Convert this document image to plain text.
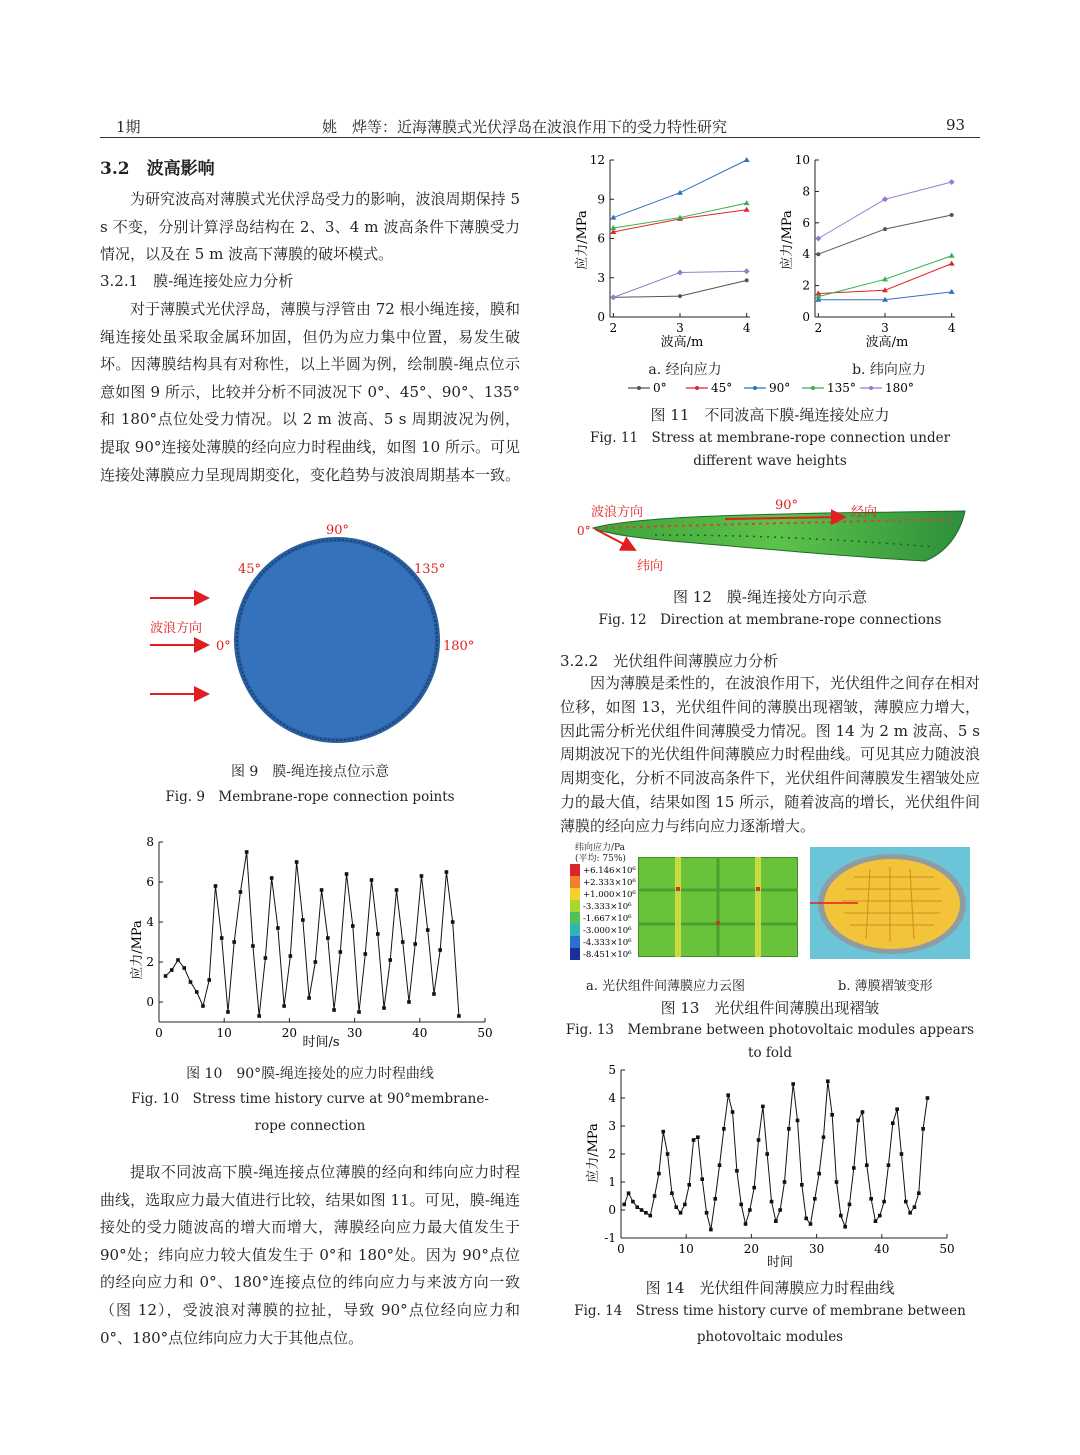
1期	姚　烨等：近海薄膜式光伏浮岛在波浪作用下的受力特性研究	93
3.2　波高影响

为研究波高对薄膜式光伏浮岛受力的影响，波浪周期保持 5 s 不变，分别计算浮岛结构在 2、3、4 m 波高条件下薄膜受力情况，以及在 5 m 波高下薄膜的破坏模式。

3.2.1　膜-绳连接处应力分析

对于薄膜式光伏浮岛，薄膜与浮管由 72 根小绳连接，膜和绳连接处虽采取金属环加固，但仍为应力集中位置，易发生破坏。因薄膜结构具有对称性，以上半圆为例，绘制膜-绳点位示意如图 9 所示，比较并分析不同波况下 0°、45°、90°、135°和 180°点位处受力情况。以 2 m 波高、5 s 周期波况为例，提取 90°连接处薄膜的经向应力时程曲线，如图 10 所示。可见连接处薄膜应力呈现周期变化，变化趋势与波浪周期基本一致。

波浪方向
90°
45°	135°
0°	180°
图 9　膜-绳连接点位示意
Fig. 9　Membrane-rope connection points
0	10	20	30	40	50
0
2
4
6
8
应力/MPa
时间/s
图 10　90°膜-绳连接处的应力时程曲线
Fig. 10　Stress time history curve at 90°membrane-
rope connection

提取不同波高下膜-绳连接点位薄膜的经向和纬向应力时程曲线，选取应力最大值进行比较，结果如图 11。可见，膜-绳连接处的受力随波高的增大而增大，薄膜经向应力最大值发生于 90°处；纬向应力较大值发生于 0°和 180°处。因为 90°点位的经向应力和 0°、180°连接点位的纬向应力与来波方向一致（图 12），受波浪对薄膜的拉扯，导致 90°点位经向应力和 0°、180°点位纬向应力大于其他点位。

2	3	4
0
3
6
9
12
应力/MPa
波高/m
2	3	4
0
2
4
6
8
10
应力/MPa
波高/m
a. 经向应力	b. 纬向应力
0°	45°	90°	135° 180°
图 11　不同波高下膜-绳连接处应力
Fig. 11　Stress at membrane-rope connection under
different wave heights
波浪方向	90°	经向
0°
纬向
图 12　膜-绳连接处方向示意
Fig. 12　Direction at membrane-rope connections
3.2.2　光伏组件间薄膜应力分析

因为薄膜是柔性的，在波浪作用下，光伏组件之间存在相对位移，如图 13，光伏组件间的薄膜出现褶皱，薄膜应力增大，因此需分析光伏组件间薄膜受力情况。图 14 为 2 m 波高、5 s 周期波况下的光伏组件间薄膜应力时程曲线。可见其应力随波浪周期变化，分析不同波高条件下，光伏组件间薄膜发生褶皱处应力的最大值，结果如图 15 所示，随着波高的增长，光伏组件间薄膜的经向应力与纬向应力逐渐增大。

纬向应力/Pa
(平均: 75%)
+6.146×10⁶
+2.333×10⁶
+1.000×10⁶
-3.333×10⁶
-1.667×10⁶
-3.000×10⁶
-4.333×10⁶
-8.451×10⁶
a. 光伏组件间薄膜应力云图	b. 薄膜褶皱变形
图 13　光伏组件间薄膜出现褶皱
Fig. 13　Membrane between photovoltaic modules appears to fold
0	10	20	30	40	50
-1
0
1
2
3
4
5
应力/MPa
时间
图 14　光伏组件间薄膜应力时程曲线
Fig. 14　Stress time history curve of membrane between
photovoltaic modules
